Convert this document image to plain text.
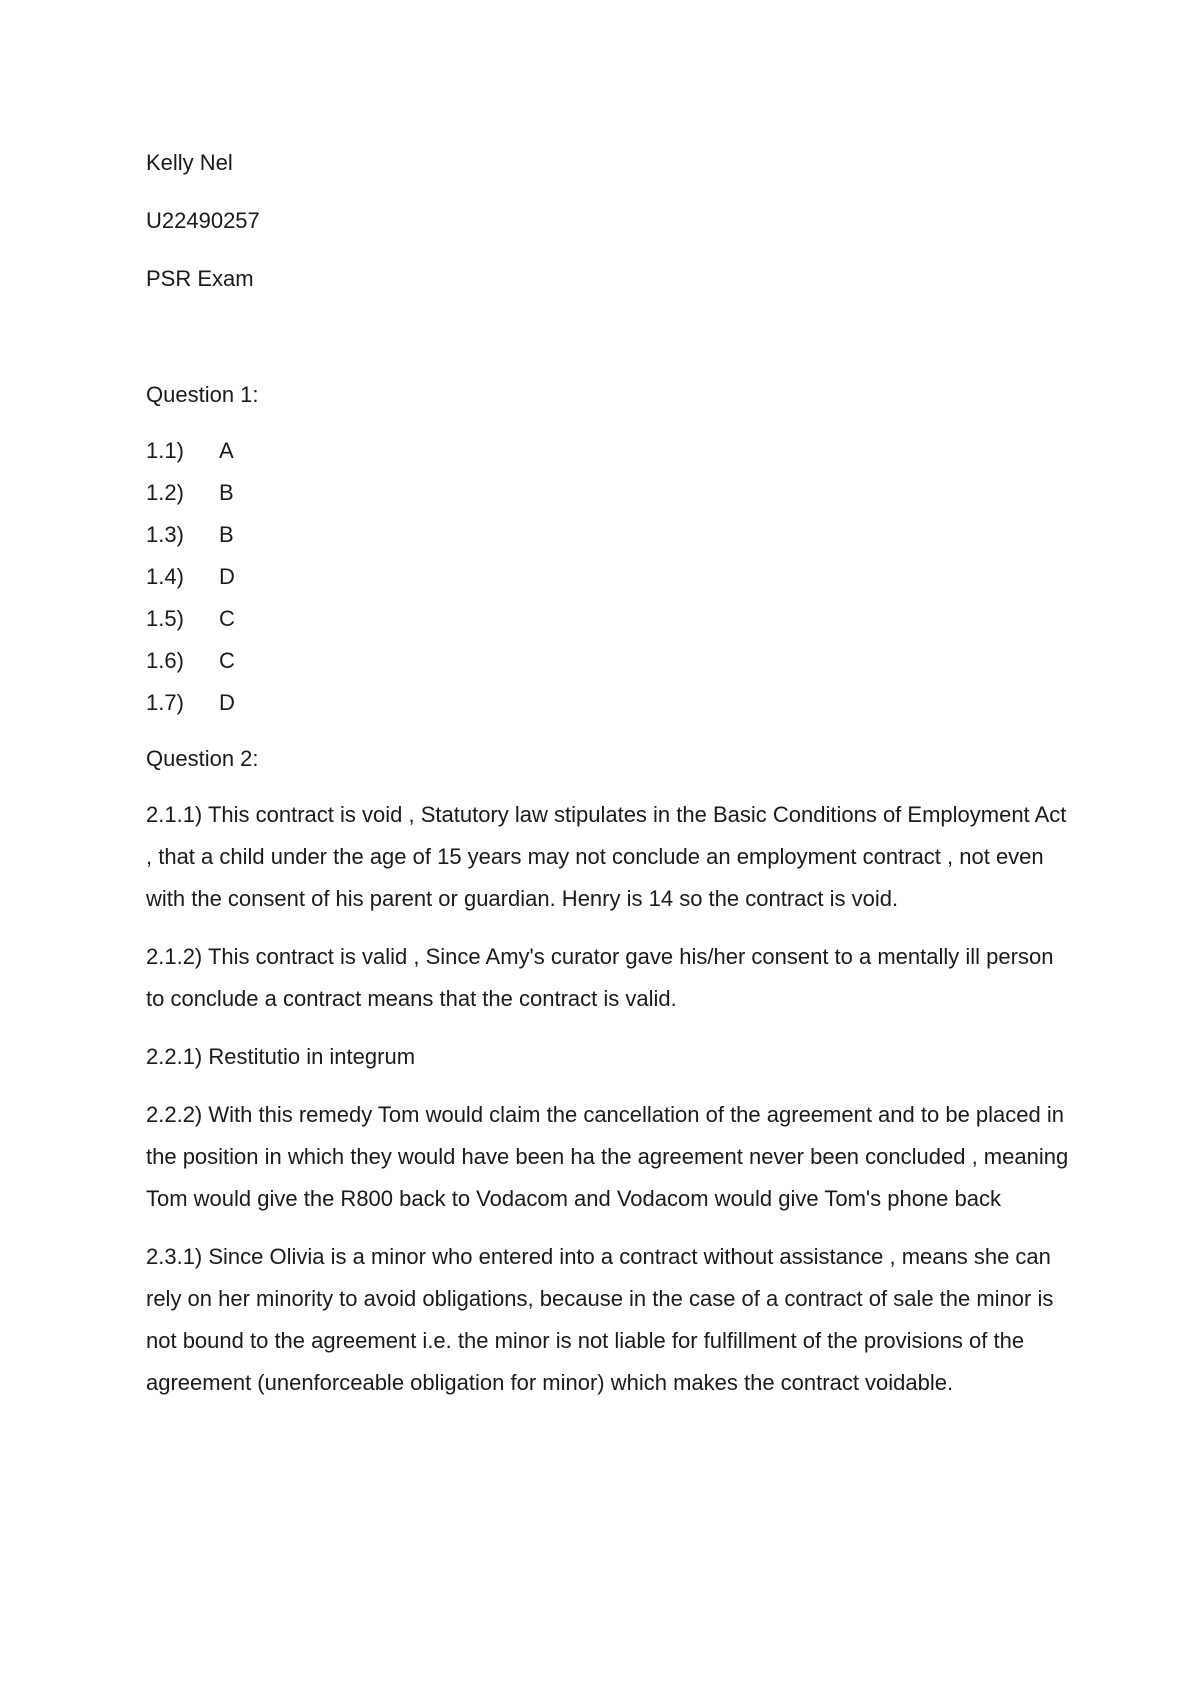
Kelly Nel

U22490257

PSR Exam

Question 1:

1.1)	A
1.2)	B
1.3)	B
1.4)	D
1.5)	C
1.6)	C
1.7)	D

Question 2:

2.1.1) This contract is void , Statutory law stipulates in the Basic Conditions of Employment Act , that a child under the age of 15 years may not conclude an employment contract , not even with the consent of his parent or guardian. Henry is 14 so the contract is void.

2.1.2) This contract is valid , Since Amy's curator gave his/her consent to a mentally ill person to conclude a contract means that the contract is valid.

2.2.1) Restitutio in integrum

2.2.2) With this remedy Tom would claim the cancellation of the agreement and to be placed in the position in which they would have been ha the agreement never been concluded , meaning Tom would give the R800 back to Vodacom and Vodacom would give Tom's phone back

2.3.1) Since Olivia is a minor who entered into a contract without assistance , means she can rely on her minority to avoid obligations, because in the case of a contract of sale the minor is not bound to the agreement i.e. the minor is not liable for fulfillment of the provisions of the agreement (unenforceable obligation for minor) which makes the contract voidable.
